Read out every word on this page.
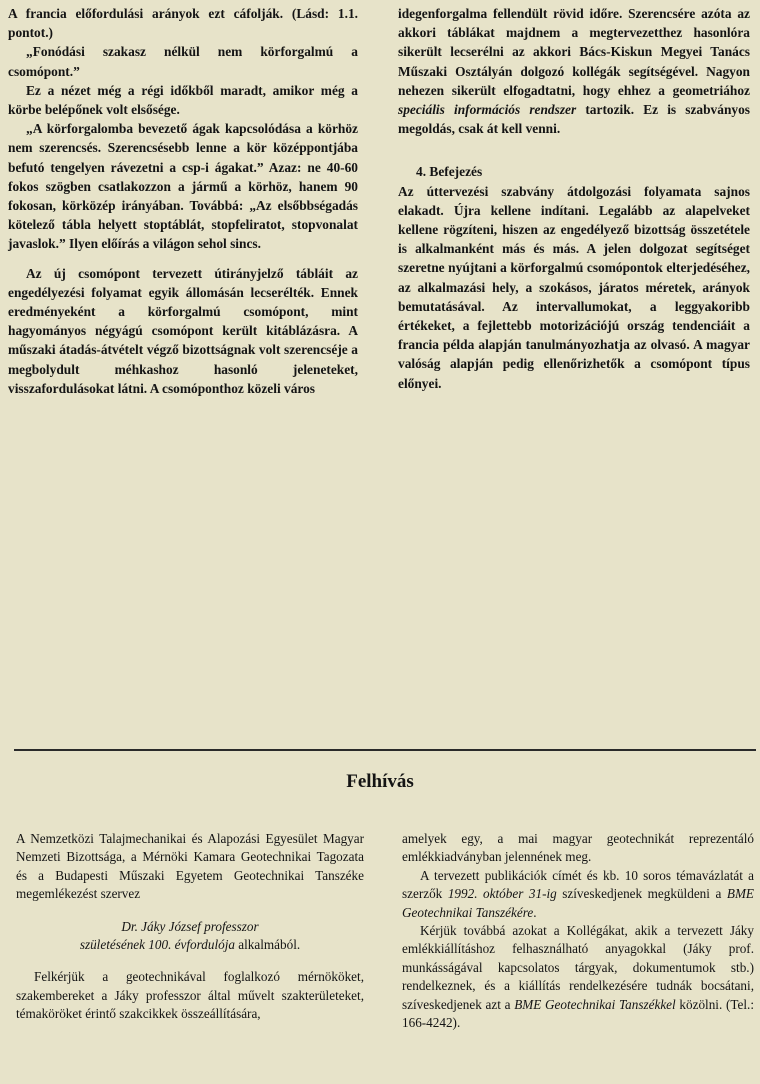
A francia előfordulási arányok ezt cáfolják. (Lásd: 1.1. pontot.)

„Fonódási szakasz nélkül nem körforgalmú a csomópont.”

Ez a nézet még a régi időkből maradt, amikor még a körbe belépőnek volt elsősége.

„A körforgalomba bevezető ágak kapcsolódása a körhöz nem szerencsés. Szerencsésebb lenne a kör középpontjába befutó tengelyen rávezetni a csp-i ágakat.” Azaz: ne 40-60 fokos szögben csatlakozzon a jármű a körhöz, hanem 90 fokosan, körközép irányában. Továbbá: „Az elsőbbségadás kötelező tábla helyett stoptáblát, stopfeliratot, stopvonalat javaslok.” Ilyen előírás a világon sehol sincs.

Az új csomópont tervezett útirányjelző tábláit az engedélyezési folyamat egyik állomásán lecserélték. Ennek eredményeként a körforgalmú csomópont, mint hagyományos négyágú csomópont került kitáblázásra. A műszaki átadás-átvételt végző bizottságnak volt szerencséje a megbolydult méhkashoz hasonló jeleneteket, visszafordulásokat látni. A csomóponthoz közeli város

idegenforgalma fellendült rövid időre. Szerencsére azóta az akkori táblákat majdnem a megtervezetthez hasonlóra sikerült lecserélni az akkori Bács-Kiskun Megyei Tanács Műszaki Osztályán dolgozó kollégák segítségével. Nagyon nehezen sikerült elfogadtatni, hogy ehhez a geometriához speciális információs rendszer tartozik. Ez is szabványos megoldás, csak át kell venni.

4. Befejezés

Az úttervezési szabvány átdolgozási folyamata sajnos elakadt. Újra kellene indítani. Legalább az alapelveket kellene rögzíteni, hiszen az engedélyező bizottság összetétele is alkalmanként más és más. A jelen dolgozat segítséget szeretne nyújtani a körforgalmú csomópontok elterjedéséhez, az alkalmazási hely, a szokásos, járatos méretek, arányok bemutatásával. Az intervallumokat, a leggyakoribb értékeket, a fejlettebb motorizációjú ország tendenciáit a francia példa alapján tanulmányozhatja az olvasó. A magyar valóság alapján pedig ellenőrizhetők a csomópont típus előnyei.

Felhívás

A Nemzetközi Talajmechanikai és Alapozási Egyesület Magyar Nemzeti Bizottsága, a Mérnöki Kamara Geotechnikai Tagozata és a Budapesti Műszaki Egyetem Geotechnikai Tanszéke megemlékezést szervez

Dr. Jáky József professzor

születésének 100. évfordulója alkalmából.

Felkérjük a geotechnikával foglalkozó mérnököket, szakembereket a Jáky professzor által művelt szakterületeket, témaköröket érintő szakcikkek összeállítására,

amelyek egy, a mai magyar geotechnikát reprezentáló emlékkiadványban jelennének meg.

A tervezett publikációk címét és kb. 10 soros témavázlatát a szerzők 1992. október 31-ig szíveskedjenek megküldeni a BME Geotechnikai Tanszékére.

Kérjük továbbá azokat a Kollégákat, akik a tervezett Jáky emlékkiállításhoz felhasználható anyagokkal (Jáky prof. munkásságával kapcsolatos tárgyak, dokumentumok stb.) rendelkeznek, és a kiállítás rendelkezésére tudnák bocsátani, szíveskedjenek azt a BME Geotechnikai Tanszékkel közölni. (Tel.: 166-4242).
